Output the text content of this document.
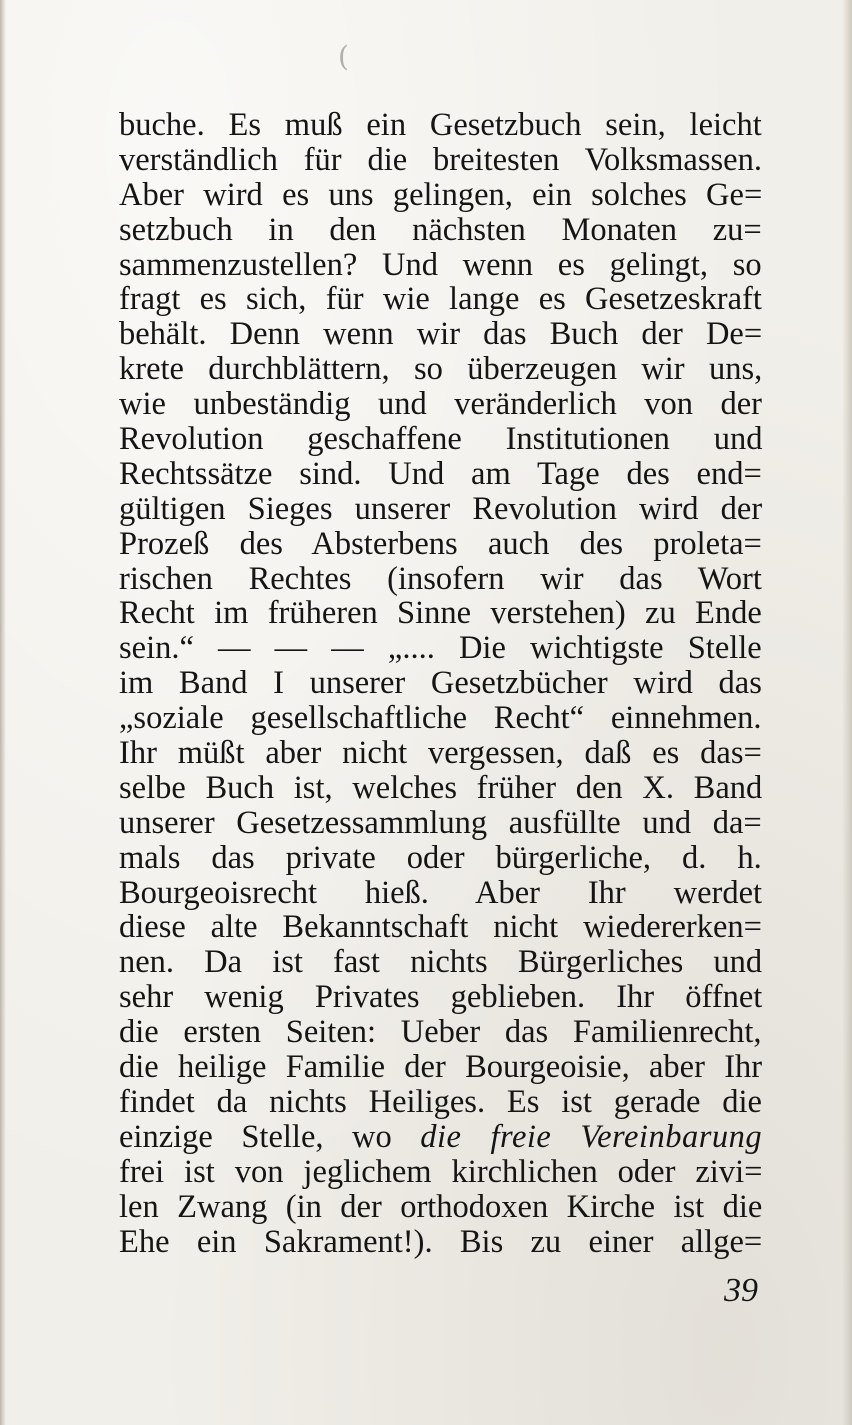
(
buche. Es muß ein Gesetzbuch sein, leicht
verständlich für die breitesten Volksmassen.
Aber wird es uns gelingen, ein solches Ge=
setzbuch in den nächsten Monaten zu=
sammenzustellen? Und wenn es gelingt, so
fragt es sich, für wie lange es Gesetzeskraft
behält. Denn wenn wir das Buch der De=
krete durchblättern, so überzeugen wir uns,
wie unbeständig und veränderlich von der
Revolution geschaffene Institutionen und
Rechtssätze sind. Und am Tage des end=
gültigen Sieges unserer Revolution wird der
Prozeß des Absterbens auch des proleta=
rischen Rechtes (insofern wir das Wort
Recht im früheren Sinne verstehen) zu Ende
sein.“ — — — „.... Die wichtigste Stelle
im Band I unserer Gesetzbücher wird das
„soziale gesellschaftliche Recht“ einnehmen.
Ihr müßt aber nicht vergessen, daß es das=
selbe Buch ist, welches früher den X. Band
unserer Gesetzessammlung ausfüllte und da=
mals das private oder bürgerliche, d. h.
Bourgeoisrecht hieß. Aber Ihr werdet
diese alte Bekanntschaft nicht wiedererken=
nen. Da ist fast nichts Bürgerliches und
sehr wenig Privates geblieben. Ihr öffnet
die ersten Seiten: Ueber das Familienrecht,
die heilige Familie der Bourgeoisie, aber Ihr
findet da nichts Heiliges. Es ist gerade die
einzige Stelle, wo die freie Vereinbarung
frei ist von jeglichem kirchlichen oder zivi=
len Zwang (in der orthodoxen Kirche ist die
Ehe ein Sakrament!). Bis zu einer allge=
39
